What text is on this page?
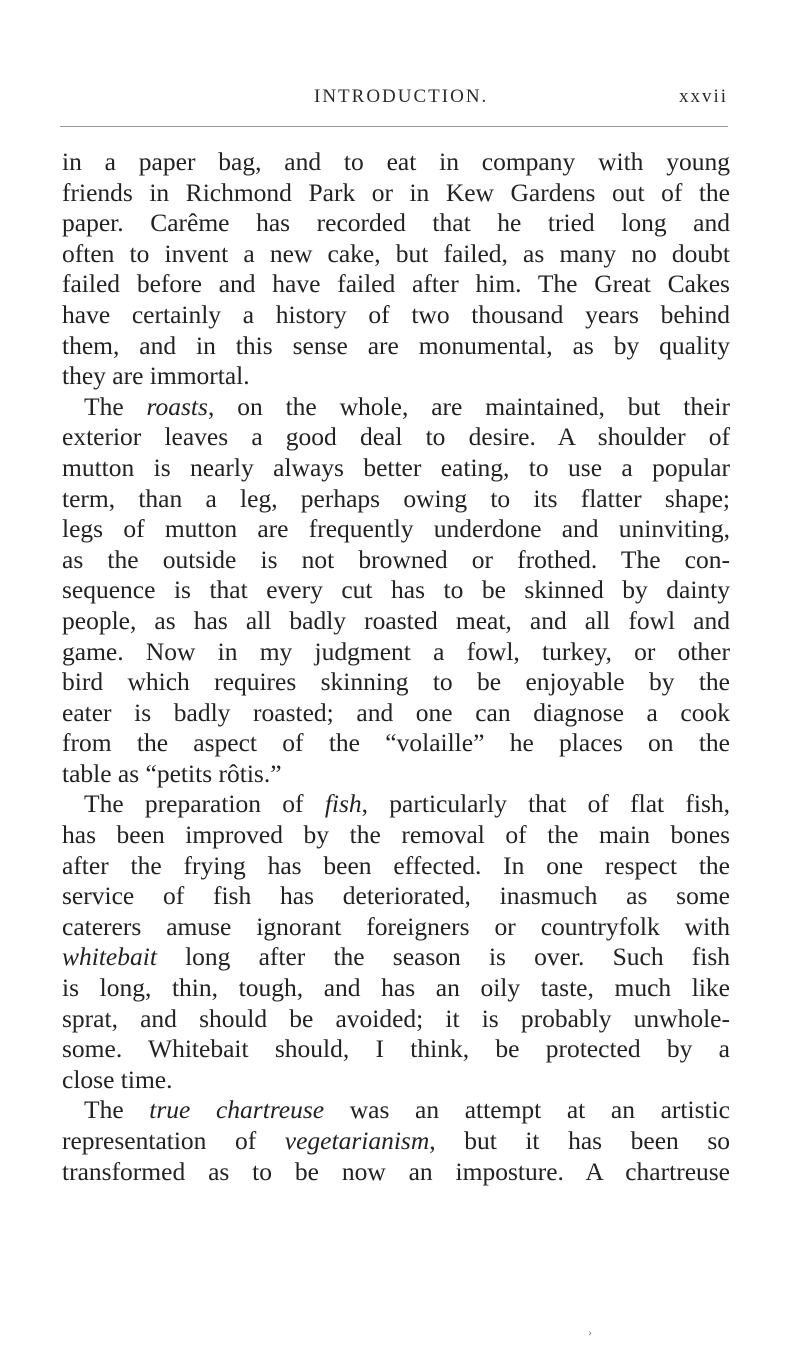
INTRODUCTION.	xxvii
in a paper bag, and to eat in company with young
friends in Richmond Park or in Kew Gardens out of the
paper. Carême has recorded that he tried long and
often to invent a new cake, but failed, as many no doubt
failed before and have failed after him. The Great Cakes
have certainly a history of two thousand years behind
them, and in this sense are monumental, as by quality
they are immortal.
The roasts, on the whole, are maintained, but their
exterior leaves a good deal to desire. A shoulder of
mutton is nearly always better eating, to use a popular
term, than a leg, perhaps owing to its flatter shape;
legs of mutton are frequently underdone and uninviting,
as the outside is not browned or frothed. The con-
sequence is that every cut has to be skinned by dainty
people, as has all badly roasted meat, and all fowl and
game. Now in my judgment a fowl, turkey, or other
bird which requires skinning to be enjoyable by the
eater is badly roasted; and one can diagnose a cook
from the aspect of the “volaille” he places on the
table as “petits rôtis.”
The preparation of fish, particularly that of flat fish,
has been improved by the removal of the main bones
after the frying has been effected. In one respect the
service of fish has deteriorated, inasmuch as some
caterers amuse ignorant foreigners or countryfolk with
whitebait long after the season is over. Such fish
is long, thin, tough, and has an oily taste, much like
sprat, and should be avoided; it is probably unwhole-
some. Whitebait should, I think, be protected by a
close time.
The true chartreuse was an attempt at an artistic
representation of vegetarianism, but it has been so
transformed as to be now an imposture. A chartreuse
›
